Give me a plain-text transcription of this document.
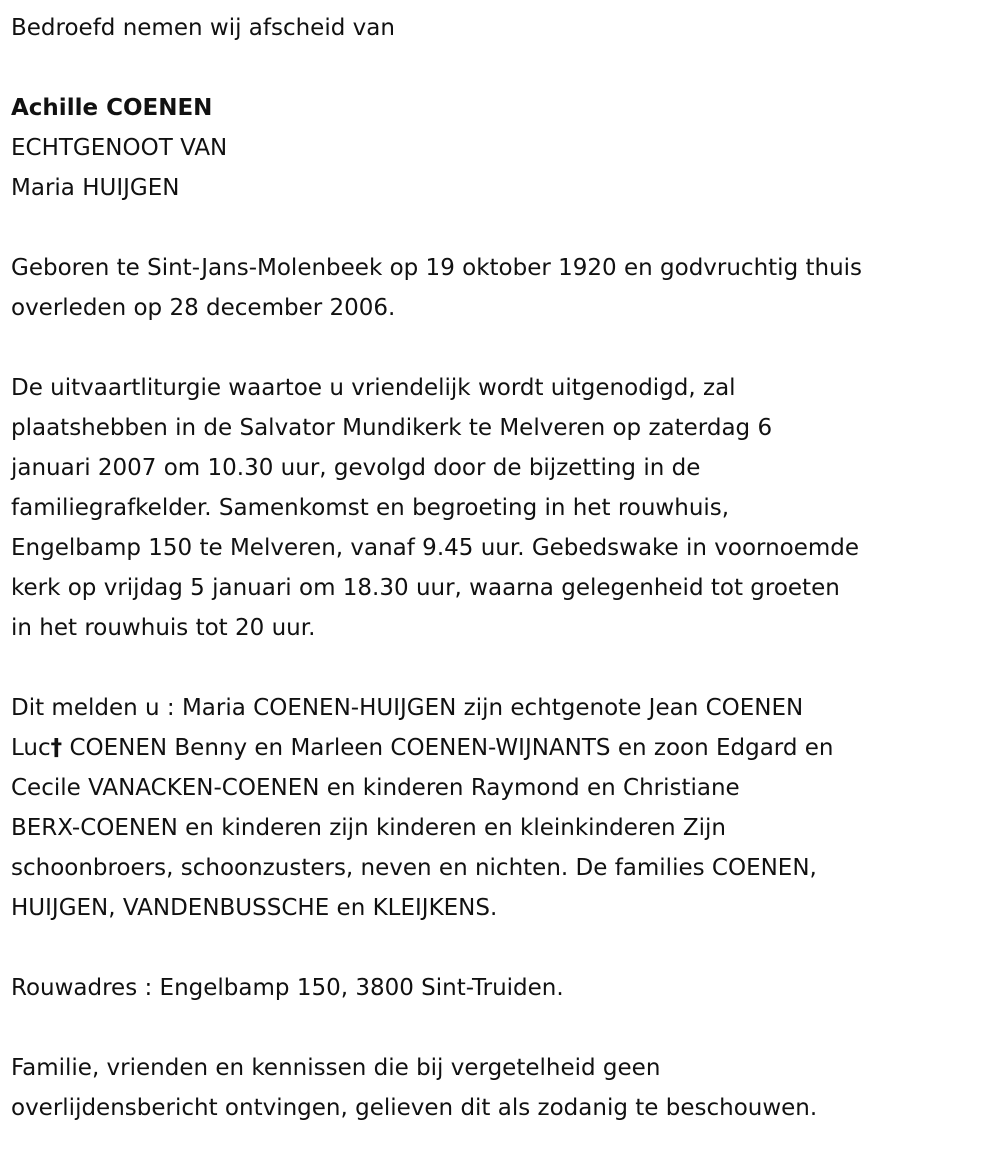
Bedroefd nemen wij afscheid van

Achille COENEN

ECHTGENOOT VAN

Maria HUIJGEN

Geboren te Sint-Jans-Molenbeek op 19 oktober 1920 en godvruchtig thuis

overleden op 28 december 2006.

De uitvaartliturgie waartoe u vriendelijk wordt uitgenodigd, zal

plaatshebben in de Salvator Mundikerk te Melveren op zaterdag 6

januari 2007 om 10.30 uur, gevolgd door de bijzetting in de

familiegrafkelder. Samenkomst en begroeting in het rouwhuis,

Engelbamp 150 te Melveren, vanaf 9.45 uur. Gebedswake in voornoemde

kerk op vrijdag 5 januari om 18.30 uur, waarna gelegenheid tot groeten

in het rouwhuis tot 20 uur.

Dit melden u : Maria COENEN-HUIJGEN zijn echtgenote Jean COENEN

Luc† COENEN Benny en Marleen COENEN-WIJNANTS en zoon Edgard en

Cecile VANACKEN-COENEN en kinderen Raymond en Christiane

BERX-COENEN en kinderen zijn kinderen en kleinkinderen Zijn

schoonbroers, schoonzusters, neven en nichten. De families COENEN,

HUIJGEN, VANDENBUSSCHE en KLEIJKENS.

Rouwadres : Engelbamp 150, 3800 Sint-Truiden.

Familie, vrienden en kennissen die bij vergetelheid geen

overlijdensbericht ontvingen, gelieven dit als zodanig te beschouwen.
